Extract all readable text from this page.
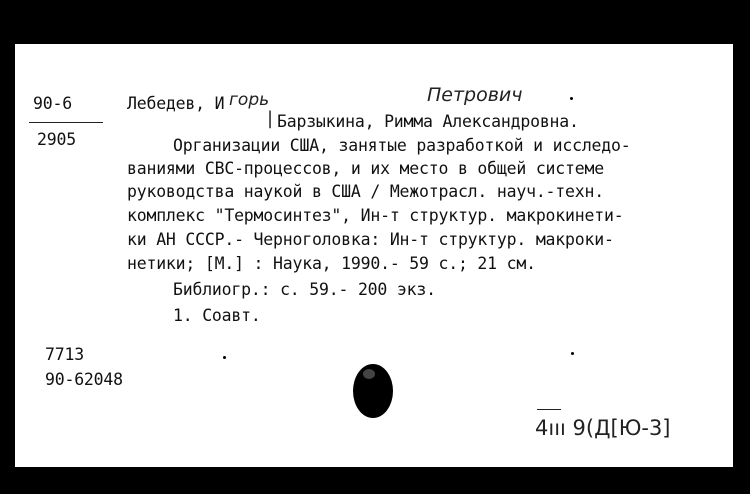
90-6
2905
Лебедев, И горь	Петрович
| Барзыкина, Римма Александровна.
Организации США, занятые разработкой и исследо-
ваниями СВС-процессов, и их место в общей системе
руководства наукой в США / Межотрасл. науч.-техн.
комплекс "Термосинтез", Ин-т структур. макрокинети-
ки АН СССР.- Черноголовка: Ин-т структур. макроки-
нетики; [М.] : Наука, 1990.- 59 с.; 21 см.
Библиогр.: с. 59.- 200 экз.
1. Соавт.
7713
90-62048
4ııı 9(Д[Ю-3]
